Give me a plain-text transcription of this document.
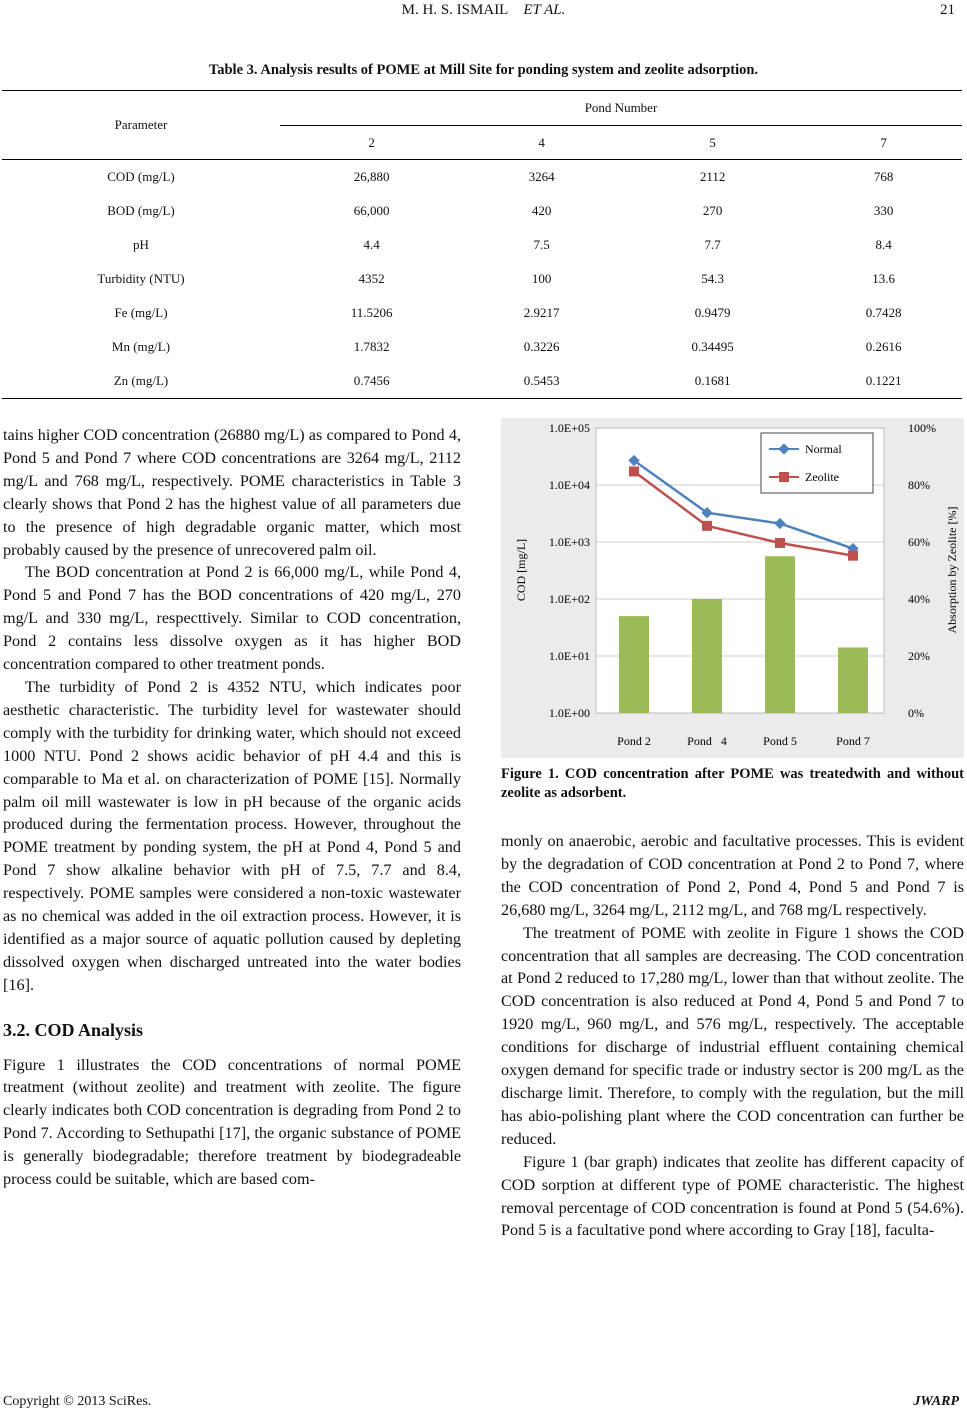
M. H. S. ISMAIL ET AL.	21
Table 3. Analysis results of POME at Mill Site for ponding system and zeolite adsorption.
Parameter	Pond Number			
	2	4	5	7
COD (mg/L)	26,880	3264	2112	768
BOD (mg/L)	66,000	420	270	330
pH	4.4	7.5	7.7	8.4
Turbidity (NTU)	4352	100	54.3	13.6
Fe (mg/L)	11.5206	2.9217	0.9479	0.7428
Mn (mg/L)	1.7832	0.3226	0.34495	0.2616
Zn (mg/L)	0.7456	0.5453	0.1681	0.1221

tains higher COD concentration (26880 mg/L) as compared to Pond 4, Pond 5 and Pond 7 where COD concentrations are 3264 mg/L, 2112 mg/L and 768 mg/L, respectively. POME characteristics in Table 3 clearly shows that Pond 2 has the highest value of all parameters due to the presence of high degradable organic matter, which most probably caused by the presence of unrecovered palm oil.

The BOD concentration at Pond 2 is 66,000 mg/L, while Pond 4, Pond 5 and Pond 7 has the BOD concentrations of 420 mg/L, 270 mg/L and 330 mg/L, respecttively. Similar to COD concentration, Pond 2 contains less dissolve oxygen as it has higher BOD concentration compared to other treatment ponds.

The turbidity of Pond 2 is 4352 NTU, which indicates poor aesthetic characteristic. The turbidity level for wastewater should comply with the turbidity for drinking water, which should not exceed 1000 NTU. Pond 2 shows acidic behavior of pH 4.4 and this is comparable to Ma et al. on characterization of POME [15]. Normally palm oil mill wastewater is low in pH because of the organic acids produced during the fermentation process. However, throughout the POME treatment by ponding system, the pH at Pond 4, Pond 5 and Pond 7 show alkaline behavior with pH of 7.5, 7.7 and 8.4, respectively. POME samples were considered a non-toxic wastewater as no chemical was added in the oil extraction process. However, it is identified as a major source of aquatic pollution caused by depleting dissolved oxygen when discharged untreated into the water bodies [16].

3.2. COD Analysis

Figure 1 illustrates the COD concentrations of normal POME treatment (without zeolite) and treatment with zeolite. The figure clearly indicates both COD concentration is degrading from Pond 2 to Pond 7. According to Sethupathi [17], the organic substance of POME is generally biodegradable; therefore treatment by biodegradeable process could be suitable, which are based com-

1.0E+00
1.0E+01
1.0E+02
1.0E+03
1.0E+04
1.0E+05
0%
20%
40%
60%
80%
100%
Pond 2	Pond   4	Pond 5	Pond 7
COD [mg/L]	Absorption by Zeolite [%]
Normal
Zeolite
Figure 1. COD concentration after POME was treatedwith and without zeolite as adsorbent.

monly on anaerobic, aerobic and facultative processes. This is evident by the degradation of COD concentration at Pond 2 to Pond 7, where the COD concentration of Pond 2, Pond 4, Pond 5 and Pond 7 is 26,680 mg/L, 3264 mg/L, 2112 mg/L, and 768 mg/L respectively.

The treatment of POME with zeolite in Figure 1 shows the COD concentration that all samples are decreasing. The COD concentration at Pond 2 reduced to 17,280 mg/L, lower than that without zeolite. The COD concentration is also reduced at Pond 4, Pond 5 and Pond 7 to 1920 mg/L, 960 mg/L, and 576 mg/L, respectively. The acceptable conditions for discharge of industrial effluent containing chemical oxygen demand for specific trade or industry sector is 200 mg/L as the discharge limit. Therefore, to comply with the regulation, but the mill has abio-polishing plant where the COD concentration can further be reduced.

Figure 1 (bar graph) indicates that zeolite has different capacity of COD sorption at different type of POME characteristic. The highest removal percentage of COD concentration is found at Pond 5 (54.6%). Pond 5 is a facultative pond where according to Gray [18], faculta-

Copyright © 2013 SciRes.	JWARP
